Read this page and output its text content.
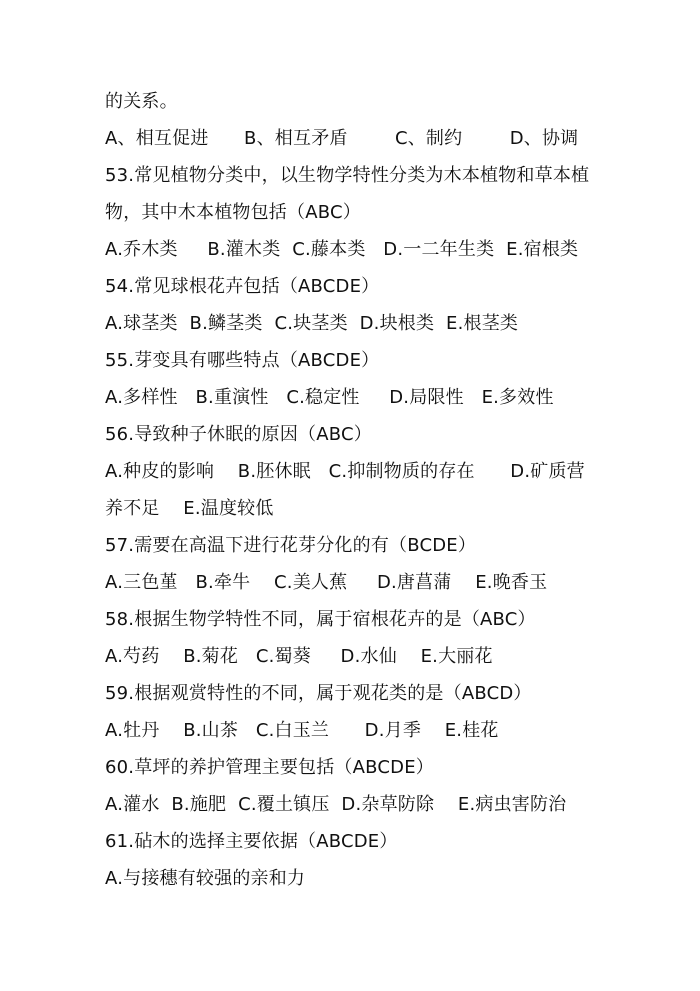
的关系。
A、相互促进      B、相互矛盾        C、制约        D、协调
53.常见植物分类中，以生物学特性分类为木本植物和草本植
物，其中木本植物包括（ABC）
A.乔木类     B.灌木类  C.藤本类   D.一二年生类  E.宿根类
54.常见球根花卉包括（ABCDE）
A.球茎类  B.鳞茎类  C.块茎类  D.块根类  E.根茎类
55.芽变具有哪些特点（ABCDE）
A.多样性   B.重演性   C.稳定性     D.局限性   E.多效性
56.导致种子休眠的原因（ABC）
A.种皮的影响    B.胚休眠   C.抑制物质的存在      D.矿质营
养不足    E.温度较低
57.需要在高温下进行花芽分化的有（BCDE）
A.三色堇   B.牵牛    C.美人蕉     D.唐菖蒲    E.晚香玉
58.根据生物学特性不同，属于宿根花卉的是（ABC）
A.芍药    B.菊花   C.蜀葵     D.水仙    E.大丽花
59.根据观赏特性的不同，属于观花类的是（ABCD）
A.牡丹    B.山茶   C.白玉兰      D.月季    E.桂花
60.草坪的养护管理主要包括（ABCDE）
A.灌水  B.施肥  C.覆土镇压  D.杂草防除    E.病虫害防治
61.砧木的选择主要依据（ABCDE）
A.与接穗有较强的亲和力
